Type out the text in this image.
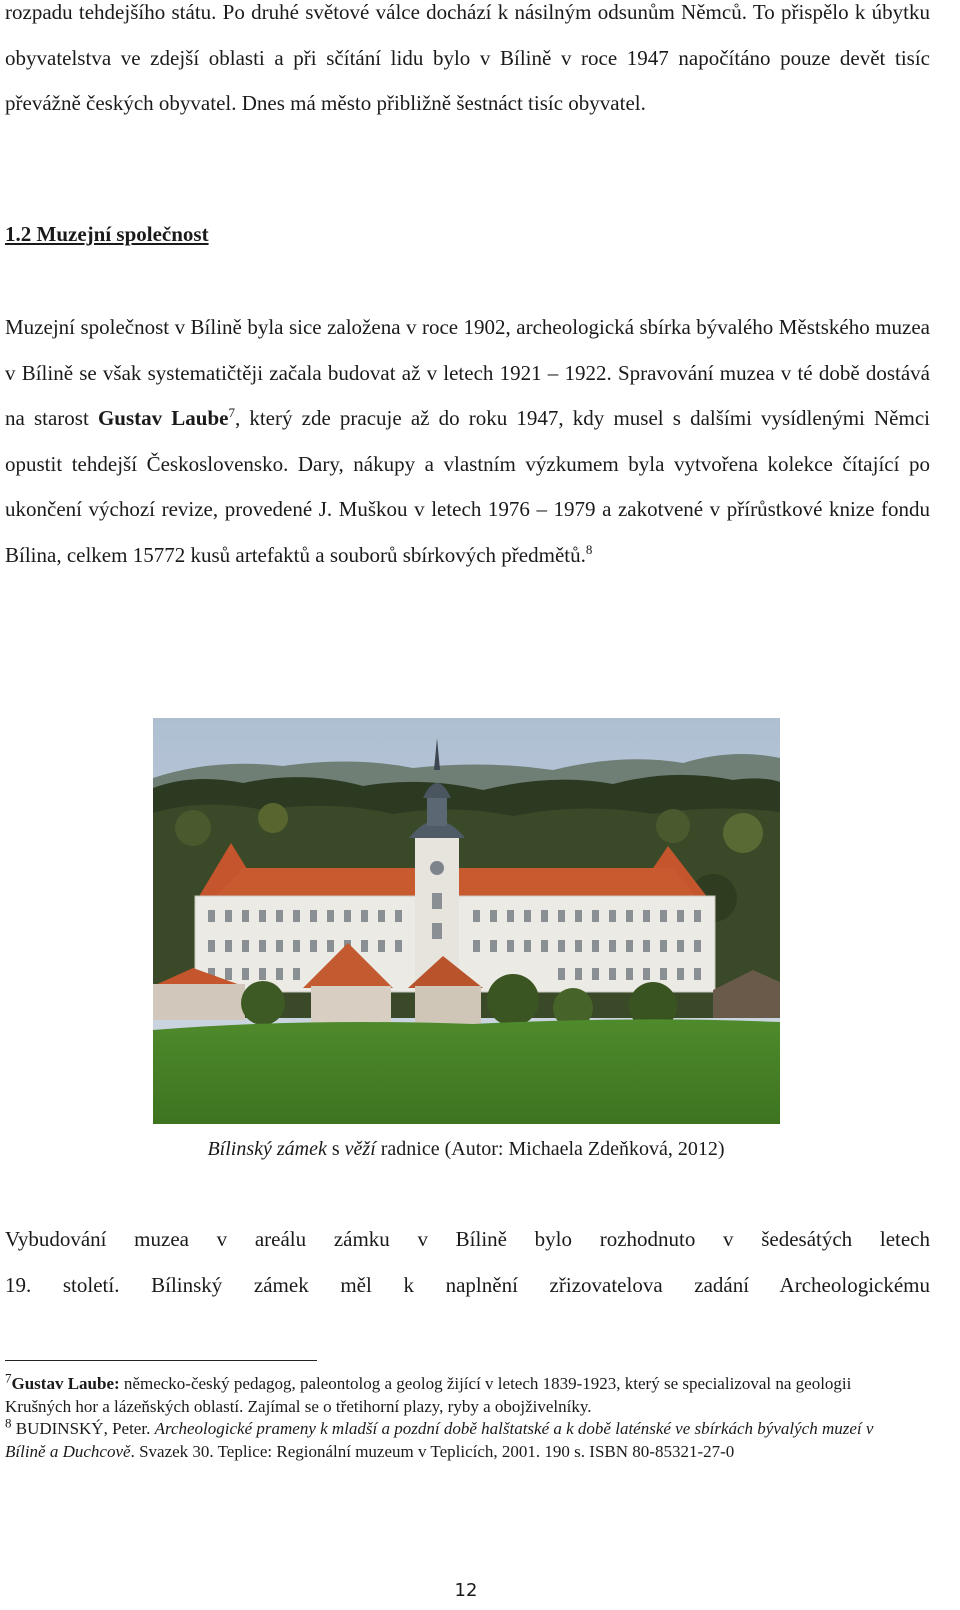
rozpadu tehdejšího státu. Po druhé světové válce dochází k násilným odsunům Němců. To přispělo k úbytku obyvatelstva ve zdejší oblasti a při sčítání lidu bylo v Bílině v roce 1947 napočítáno pouze devět tisíc převážně českých obyvatel. Dnes má město přibližně šestnáct tisíc obyvatel.

1.2 Muzejní společnost

Muzejní společnost v Bílině byla sice založena v roce 1902, archeologická sbírka bývalého Městského muzea v Bílině se však systematičtěji začala budovat až v letech 1921 – 1922. Spravování muzea v té době dostává na starost Gustav Laube$^7$, který zde pracuje až do roku 1947, kdy musel s dalšími vysídlenými Němci opustit tehdejší Československo. Dary, nákupy a vlastním výzkumem byla vytvořena kolekce čítající po ukončení výchozí revize, provedené J. Muškou v letech 1976 – 1979 a zakotvené v přírůstkové knize fondu Bílina, celkem 15772 kusů artefaktů a souborů sbírkových předmětů.$^8$

Bílinský zámek s věží radnice (Autor: Michaela Zdeňková, 2012)

Vybudování muzea v areálu zámku v Bílině bylo rozhodnuto v šedesátých letech
19. století. Bílinský zámek měl k naplnění zřizovatelova zadání Archeologickému

$^7$Gustav Laube: německo-český pedagog, paleontolog a geolog žijící v letech 1839-1923, který se specializoval na geologii Krušných hor a lázeňských oblastí. Zajímal se o třetihorní plazy, ryby a obojživelníky.

$^8$ BUDINSKÝ, Peter. Archeologické prameny k mladší a pozdní době halštatské a k době laténské ve sbírkách bývalých muzeí v Bílině a Duchcově. Svazek 30. Teplice: Regionální muzeum v Teplicích, 2001. 190 s. ISBN 80-85321-27-0

12
